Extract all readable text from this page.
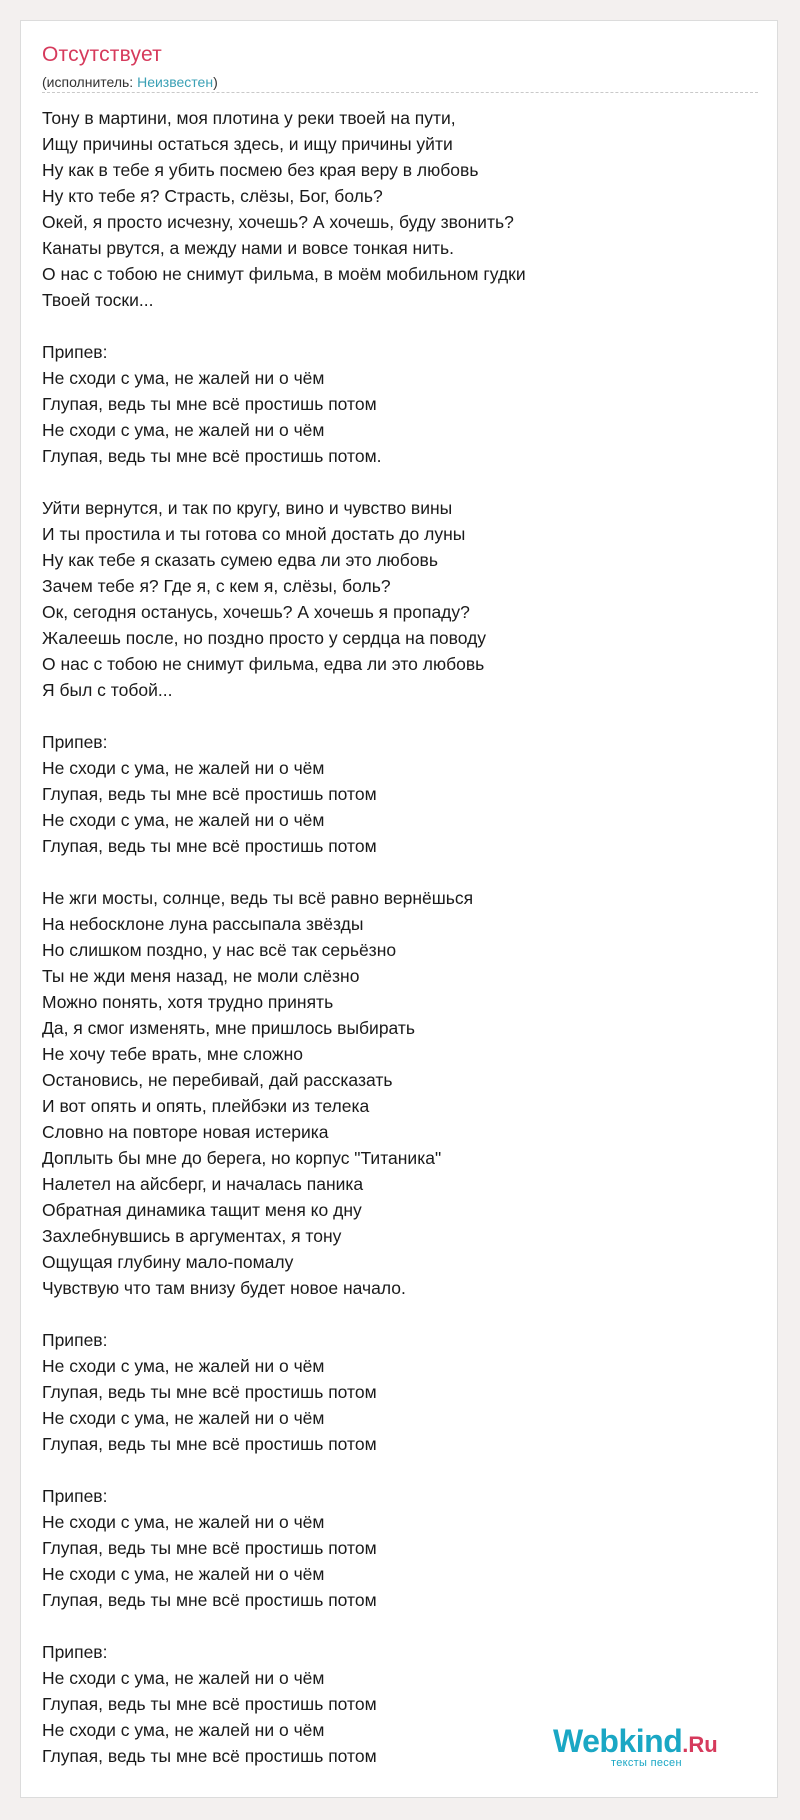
Отсутствует
(исполнитель: Неизвестен)
Тону в мартини, моя плотина у реки твоей на пути,
Ищу причины остаться здесь, и ищу причины уйти
Ну как в тебе я убить посмею без края веру в любовь
Ну кто тебе я? Страсть, слёзы, Бог, боль?
Окей, я просто исчезну, хочешь? А хочешь, буду звонить?
Канаты рвутся, а между нами и вовсе тонкая нить.
О нас с тобою не снимут фильма, в моём мобильном гудки
Твоей тоски...
Припев:
Не сходи с ума, не жалей ни о чём
Глупая, ведь ты мне всё простишь потом
Не сходи с ума, не жалей ни о чём
Глупая, ведь ты мне всё простишь потом.
Уйти вернутся, и так по кругу, вино и чувство вины
И ты простила и ты готова со мной достать до луны
Ну как тебе я сказать сумею едва ли это любовь
Зачем тебе я? Где я, с кем я, слёзы, боль?
Ок, сегодня останусь, хочешь? А хочешь я пропаду?
Жалеешь после, но поздно просто у сердца на поводу
О нас с тобою не снимут фильма, едва ли это любовь
Я был с тобой...
Припев:
Не сходи с ума, не жалей ни о чём
Глупая, ведь ты мне всё простишь потом
Не сходи с ума, не жалей ни о чём
Глупая, ведь ты мне всё простишь потом
Не жги мосты, солнце, ведь ты всё равно вернёшься
На небосклоне луна рассыпала звёзды
Но слишком поздно, у нас всё так серьёзно
Ты не жди меня назад, не моли слёзно
Можно понять, хотя трудно принять
Да, я смог изменять, мне пришлось выбирать
Не хочу тебе врать, мне сложно
Остановись, не перебивай, дай рассказать
И вот опять и опять, плейбэки из телека
Словно на повторе новая истерика
Доплыть бы мне до берега, но корпус "Титаника"
Налетел на айсберг, и началась паника
Обратная динамика тащит меня ко дну
Захлебнувшись в аргументах, я тону
Ощущая глубину мало-помалу
Чувствую что там внизу будет новое начало.
Припев:
Не сходи с ума, не жалей ни о чём
Глупая, ведь ты мне всё простишь потом
Не сходи с ума, не жалей ни о чём
Глупая, ведь ты мне всё простишь потом
Припев:
Не сходи с ума, не жалей ни о чём
Глупая, ведь ты мне всё простишь потом
Не сходи с ума, не жалей ни о чём
Глупая, ведь ты мне всё простишь потом
Припев:
Не сходи с ума, не жалей ни о чём
Глупая, ведь ты мне всё простишь потом
Не сходи с ума, не жалей ни о чём
Глупая, ведь ты мне всё простишь потом	Webkind.Ru
тексты песен
